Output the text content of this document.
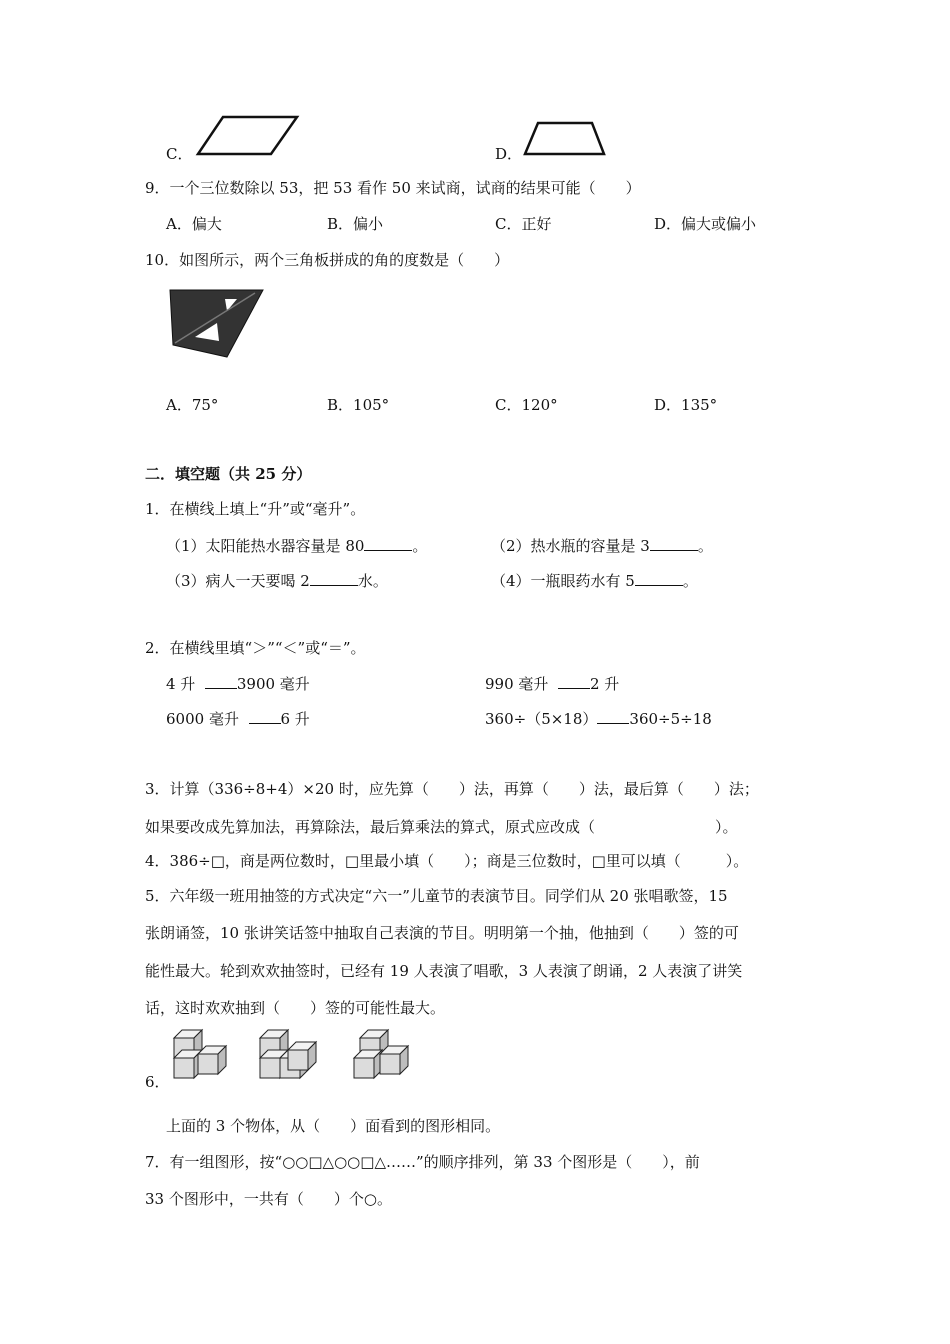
C．	D．
9．一个三位数除以 53，把 53 看作 50 来试商，试商的结果可能（　　）
A．偏大	B．偏小	C．正好	D．偏大或偏小
10．如图所示，两个三角板拼成的角的度数是（　　）
A．75°	B．105°	C．120°	D．135°
二．填空题（共 25 分）
1．在横线上填上“升”或“毫升”。
（1）太阳能热水器容量是 80	。	（2）热水瓶的容量是 3	。
（3）病人一天要喝 2	水。	（4）一瓶眼药水有 5	。
2．在横线里填“＞”“＜”或“＝”。
4 升	3900 毫升	990 毫升	2 升
6000 毫升	6 升	360÷（5×18） 360÷5÷18
3．计算（336÷8+4）×20 时，应先算（　　）法，再算（　　）法，最后算（　　）法；
如果要改成先算加法，再算除法，最后算乘法的算式，原式应改成（　　　　　　　　）。
4．386÷□，商是两位数时，□里最小填（　　）；商是三位数时，□里可以填（　　　）。
5．六年级一班用抽签的方式决定“六一”儿童节的表演节目。同学们从 20 张唱歌签，15
张朗诵签，10 张讲笑话签中抽取自己表演的节目。明明第一个抽，他抽到（　　）签的可
能性最大。轮到欢欢抽签时，已经有 19 人表演了唱歌，3 人表演了朗诵，2 人表演了讲笑
话，这时欢欢抽到（　　）签的可能性最大。
6．
上面的 3 个物体，从（　　）面看到的图形相同。
7．有一组图形，按“○○□△○○□△……”的顺序排列，第 33 个图形是（　　），前
33 个图形中，一共有（　　）个○。
